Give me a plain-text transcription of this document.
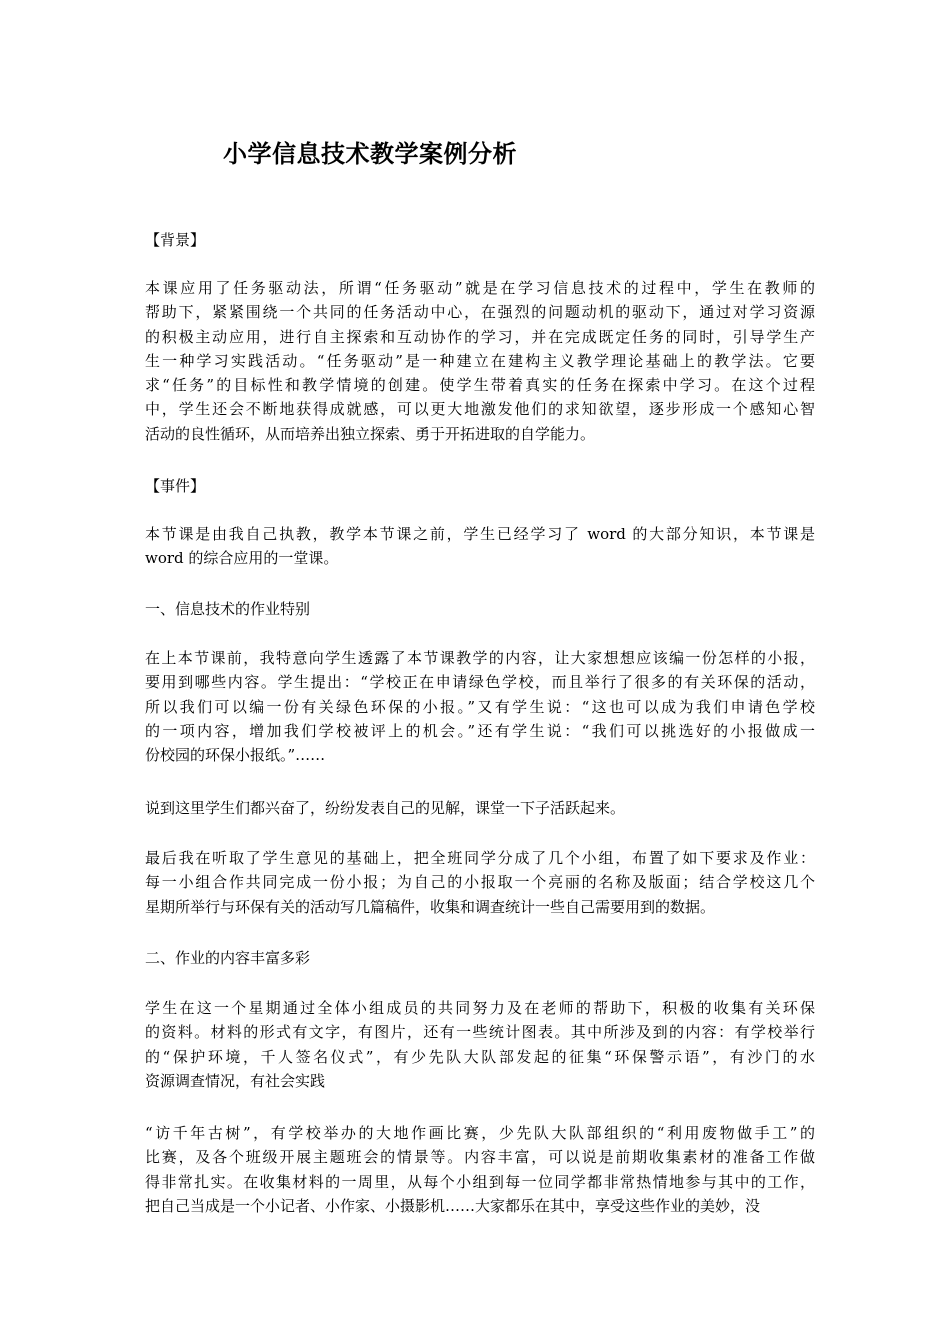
小学信息技术教学案例分析
【背景】
本课应用了任务驱动法，所谓“任务驱动”就是在学习信息技术的过程中，学生在教师的
帮助下，紧紧围绕一个共同的任务活动中心，在强烈的问题动机的驱动下，通过对学习资源
的积极主动应用，进行自主探索和互动协作的学习，并在完成既定任务的同时，引导学生产
生一种学习实践活动。“任务驱动”是一种建立在建构主义教学理论基础上的教学法。它要
求“任务”的目标性和教学情境的创建。使学生带着真实的任务在探索中学习。在这个过程
中，学生还会不断地获得成就感，可以更大地激发他们的求知欲望，逐步形成一个感知心智
活动的良性循环，从而培养出独立探索、勇于开拓进取的自学能力。
【事件】
本节课是由我自己执教，教学本节课之前，学生已经学习了 word 的大部分知识，本节课是
word 的综合应用的一堂课。
一、信息技术的作业特别
在上本节课前，我特意向学生透露了本节课教学的内容，让大家想想应该编一份怎样的小报，
要用到哪些内容。学生提出：“学校正在申请绿色学校，而且举行了很多的有关环保的活动，
所以我们可以编一份有关绿色环保的小报。”又有学生说：“这也可以成为我们申请色学校
的一项内容，增加我们学校被评上的机会。”还有学生说：“我们可以挑选好的小报做成一
份校园的环保小报纸。”……
说到这里学生们都兴奋了，纷纷发表自己的见解，课堂一下子活跃起来。
最后我在听取了学生意见的基础上，把全班同学分成了几个小组，布置了如下要求及作业：
每一小组合作共同完成一份小报；为自己的小报取一个亮丽的名称及版面；结合学校这几个
星期所举行与环保有关的活动写几篇稿件，收集和调查统计一些自己需要用到的数据。
二、作业的内容丰富多彩
学生在这一个星期通过全体小组成员的共同努力及在老师的帮助下，积极的收集有关环保
的资料。材料的形式有文字，有图片，还有一些统计图表。其中所涉及到的内容：有学校举行
的“保护环境，千人签名仪式”，有少先队大队部发起的征集“环保警示语”，有沙门的水
资源调查情况，有社会实践
“访千年古树”，有学校举办的大地作画比赛，少先队大队部组织的“利用废物做手工”的
比赛，及各个班级开展主题班会的情景等。内容丰富，可以说是前期收集素材的准备工作做
得非常扎实。在收集材料的一周里，从每个小组到每一位同学都非常热情地参与其中的工作，
把自己当成是一个小记者、小作家、小摄影机……大家都乐在其中，享受这些作业的美妙，没
